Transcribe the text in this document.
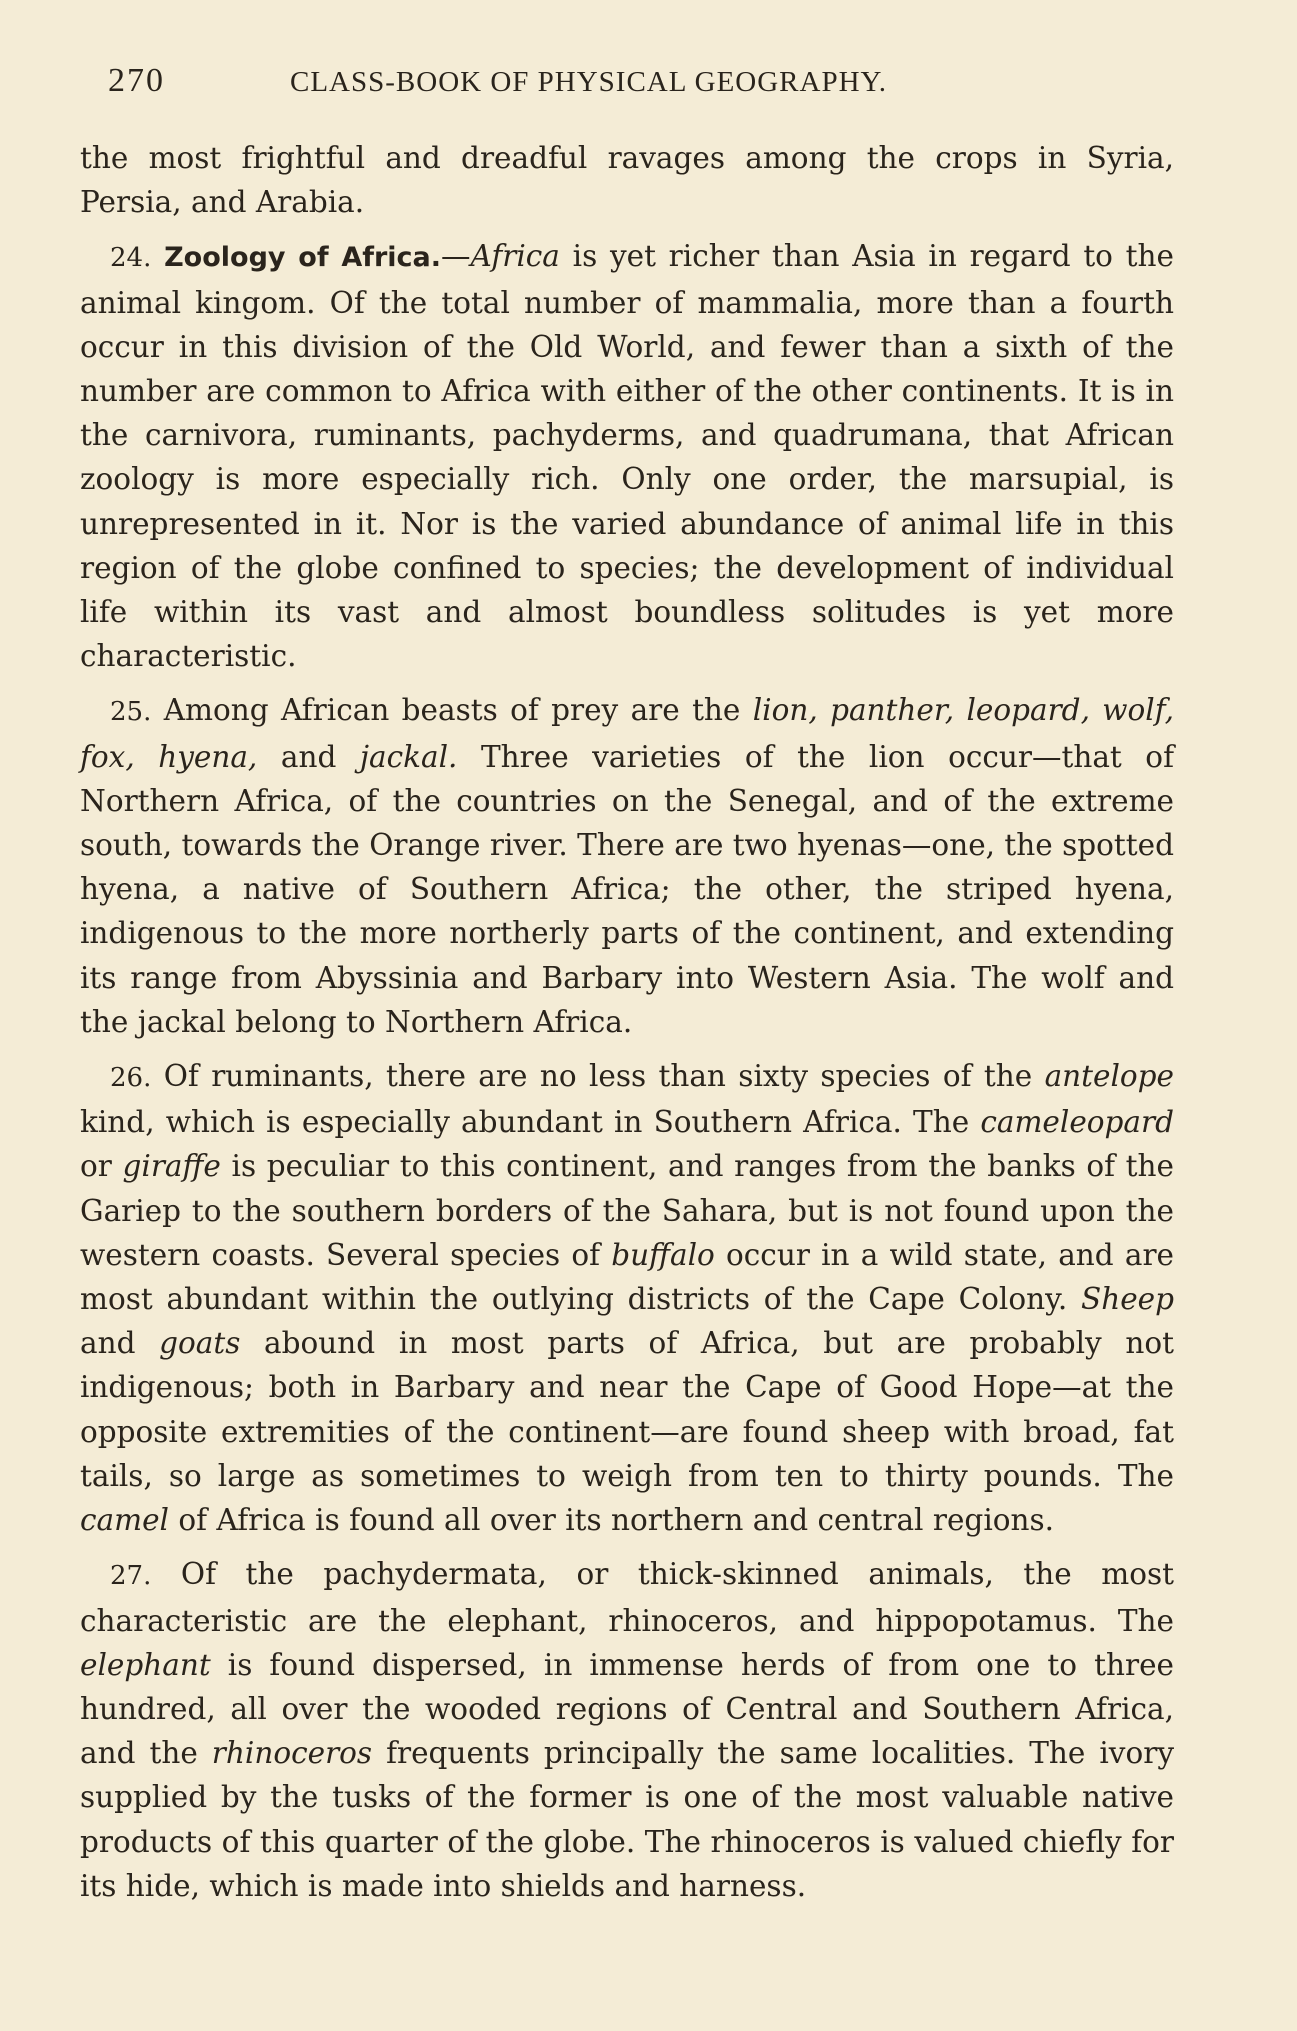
270	CLASS-BOOK OF PHYSICAL GEOGRAPHY.

the most frightful and dreadful ravages among the crops in Syria, Persia, and Arabia.

24. Zoology of Africa.—Africa is yet richer than Asia in regard to the animal kingom. Of the total number of mammalia, more than a fourth occur in this division of the Old World, and fewer than a sixth of the number are common to Africa with either of the other continents. It is in the carnivora, ruminants, pachyderms, and quadrumana, that African zoology is more especially rich. Only one order, the marsupial, is unrepresented in it. Nor is the varied abundance of animal life in this region of the globe confined to species; the development of individual life within its vast and almost boundless solitudes is yet more characteristic.

25. Among African beasts of prey are the lion, panther, leopard, wolf, fox, hyena, and jackal. Three varieties of the lion occur—that of Northern Africa, of the countries on the Senegal, and of the extreme south, towards the Orange river. There are two hyenas—one, the spotted hyena, a native of Southern Africa; the other, the striped hyena, indigenous to the more northerly parts of the continent, and extending its range from Abyssinia and Barbary into Western Asia. The wolf and the jackal belong to Northern Africa.

26. Of ruminants, there are no less than sixty species of the antelope kind, which is especially abundant in Southern Africa. The cameleopard or giraffe is peculiar to this continent, and ranges from the banks of the Gariep to the southern borders of the Sahara, but is not found upon the western coasts. Several species of buffalo occur in a wild state, and are most abundant within the outlying districts of the Cape Colony. Sheep and goats abound in most parts of Africa, but are probably not indigenous; both in Barbary and near the Cape of Good Hope—at the opposite extremities of the continent—are found sheep with broad, fat tails, so large as sometimes to weigh from ten to thirty pounds. The camel of Africa is found all over its northern and central regions.

27. Of the pachydermata, or thick-skinned animals, the most characteristic are the elephant, rhinoceros, and hippopotamus. The elephant is found dispersed, in immense herds of from one to three hundred, all over the wooded regions of Central and Southern Africa, and the rhinoceros frequents principally the same localities. The ivory supplied by the tusks of the former is one of the most valuable native products of this quarter of the globe. The rhinoceros is valued chiefly for its hide, which is made into shields and harness.
